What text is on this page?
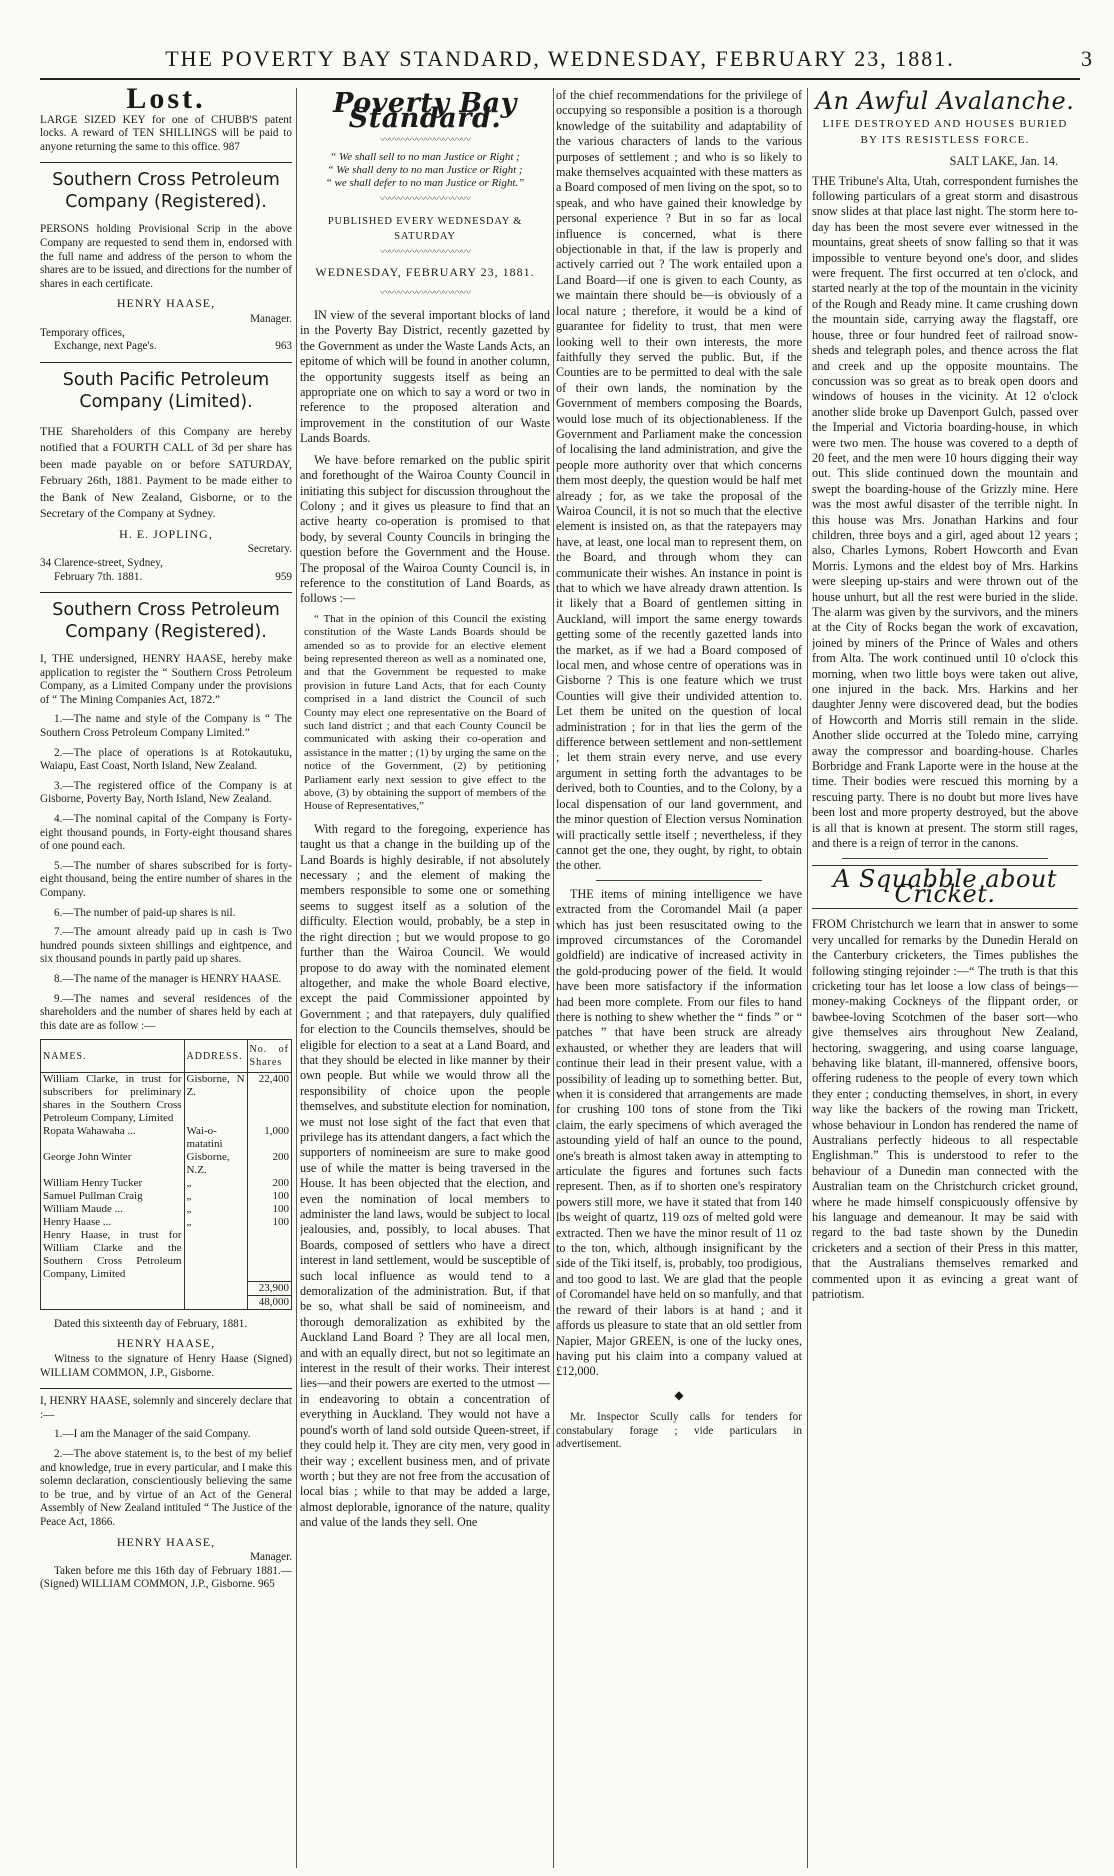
THE POVERTY BAY STANDARD, WEDNESDAY, FEBRUARY 23, 1881.	3
Lost.

LARGE SIZED KEY for one of CHUBB'S patent locks. A reward of TEN SHILLINGS will be paid to anyone returning the same to this office. 987

Southern Cross Petroleum Company (Registered).

PERSONS holding Provisional Scrip in the above Company are requested to send them in, endorsed with the full name and address of the person to whom the shares are to be issued, and directions for the number of shares in each certificate.

HENRY HAASE,
Manager.
Temporary offices,
Exchange, next Page's.	963
South Pacific Petroleum Company (Limited).

THE Shareholders of this Company are hereby notified that a FOURTH CALL of 3d per share has been made payable on or before SATURDAY, February 26th, 1881. Payment to be made either to the Bank of New Zealand, Gisborne, or to the Secretary of the Company at Sydney.

H. E. JOPLING,
Secretary.
34 Clarence-street, Sydney,
February 7th. 1881.	959
Southern Cross Petroleum Company (Registered).

I, THE undersigned, HENRY HAASE, hereby make application to register the “ Southern Cross Petroleum Company, as a Limited Company under the provisions of “ The Mining Companies Act, 1872.”

1.—The name and style of the Company is “ The Southern Cross Petroleum Company Limited.”

2.—The place of operations is at Rotokautuku, Waiapu, East Coast, North Island, New Zealand.

3.—The registered office of the Company is at Gisborne, Poverty Bay, North Island, New Zealand.

4.—The nominal capital of the Company is Forty-eight thousand pounds, in Forty-eight thousand shares of one pound each.

5.—The number of shares subscribed for is forty-eight thousand, being the entire number of shares in the Company.

6.—The number of paid-up shares is nil.

7.—The amount already paid up in cash is Two hundred pounds sixteen shillings and eightpence, and six thousand pounds in partly paid up shares.

8.—The name of the manager is HENRY HAASE.

9.—The names and several residences of the shareholders and the number of shares held by each at this date are as follow :—

NAMES.	ADDRESS.	No. of Shares
William Clarke, in trust for subscribers for preliminary shares in the Southern Cross Petroleum Company, Limited	Gisborne, N Z.	22,400
Ropata Wahawaha ...	Wai-o-matatini	1,000
George John Winter	Gisborne, N.Z.	200
William Henry Tucker	„	200
Samuel Pullman Craig	„	100
William Maude ...	„	100
Henry Haase ...	„	100
Henry Haase, in trust for William Clarke and the Southern Cross Petroleum Company, Limited		
		23,900
		48,000

Dated this sixteenth day of February, 1881.

HENRY HAASE,

Witness to the signature of Henry Haase (Signed) WILLIAM COMMON, J.P., Gisborne.

I, HENRY HAASE, solemnly and sincerely declare that :—

1.—I am the Manager of the said Company.

2.—The above statement is, to the best of my belief and knowledge, true in every particular, and I make this solemn declaration, conscientiously believing the same to be true, and by virtue of an Act of the General Assembly of New Zealand intituled “ The Justice of the Peace Act, 1866.

HENRY HAASE,
Manager.

Taken before me this 16th day of February 1881.—(Signed) WILLIAM COMMON, J.P., Gisborne. 965

Poverty Bay Standard.
〰〰〰〰〰〰〰〰〰〰
“ We shall sell to no man Justice or Right ;
“ We shall deny to no man Justice or Right ;
“ we shall defer to no man Justice or Right.”
〰〰〰〰〰〰〰〰〰〰
PUBLISHED EVERY WEDNESDAY & SATURDAY
〰〰〰〰〰〰〰〰〰〰
WEDNESDAY, FEBRUARY 23, 1881.
〰〰〰〰〰〰〰〰〰〰

IN view of the several important blocks of land in the Poverty Bay District, recently gazetted by the Government as under the Waste Lands Acts, an epitome of which will be found in another column, the opportunity suggests itself as being an appropriate one on which to say a word or two in reference to the proposed alteration and improvement in the constitution of our Waste Lands Boards.

We have before remarked on the public spirit and forethought of the Wairoa County Council in initiating this subject for discussion throughout the Colony ; and it gives us pleasure to find that an active hearty co-operation is promised to that body, by several County Councils in bringing the question before the Government and the House. The proposal of the Wairoa County Council is, in reference to the constitution of Land Boards, as follows :—

“ That in the opinion of this Council the existing constitution of the Waste Lands Boards should be amended so as to provide for an elective element being represented thereon as well as a nominated one, and that the Government be requested to make provision in future Land Acts, that for each County comprised in a land district the Council of such County may elect one representative on the Board of such land district ; and that each County Council be communicated with asking their co-operation and assistance in the matter ; (1) by urging the same on the notice of the Government, (2) by petitioning Parliament early next session to give effect to the above, (3) by obtaining the support of members of the House of Representatives,”

With regard to the foregoing, experience has taught us that a change in the building up of the Land Boards is highly desirable, if not absolutely necessary ; and the element of making the members responsible to some one or something seems to suggest itself as a solution of the difficulty. Election would, probably, be a step in the right direction ; but we would propose to go further than the Wairoa Council. We would propose to do away with the nominated element altogether, and make the whole Board elective, except the paid Commissioner appointed by Government ; and that ratepayers, duly qualified for election to the Councils themselves, should be eligible for election to a seat at a Land Board, and that they should be elected in like manner by their own people. But while we would throw all the responsibility of choice upon the people themselves, and substitute election for nomination, we must not lose sight of the fact that even that privilege has its attendant dangers, a fact which the supporters of nomineeism are sure to make good use of while the matter is being traversed in the House. It has been objected that the election, and even the nomination of local members to administer the land laws, would be subject to local jealousies, and, possibly, to local abuses. That Boards, composed of settlers who have a direct interest in land settlement, would be susceptible of such local influence as would tend to a demoralization of the administration. But, if that be so, what shall be said of nomineeism, and thorough demoralization as exhibited by the Auckland Land Board ? They are all local men, and with an equally direct, but not so legitimate an interest in the result of their works. Their interest lies—and their powers are exerted to the utmost — in endeavoring to obtain a concentration of everything in Auckland. They would not have a pound's worth of land sold outside Queen-street, if they could help it. They are city men, very good in their way ; excellent business men, and of private worth ; but they are not free from the accusation of local bias ; while to that may be added a large, almost deplorable, ignorance of the nature, quality and value of the lands they sell. One

of the chief recommendations for the privilege of occupying so responsible a position is a thorough knowledge of the suitability and adaptability of the various characters of lands to the various purposes of settlement ; and who is so likely to make themselves acquainted with these matters as a Board composed of men living on the spot, so to speak, and who have gained their knowledge by personal experience ? But in so far as local influence is concerned, what is there objectionable in that, if the law is properly and actively carried out ? The work entailed upon a Land Board—if one is given to each County, as we maintain there should be—is obviously of a local nature ; therefore, it would be a kind of guarantee for fidelity to trust, that men were looking well to their own interests, the more faithfully they served the public. But, if the Counties are to be permitted to deal with the sale of their own lands, the nomination by the Government of members composing the Boards, would lose much of its objectionableness. If the Government and Parliament make the concession of localising the land administration, and give the people more authority over that which concerns them most deeply, the question would be half met already ; for, as we take the proposal of the Wairoa Council, it is not so much that the elective element is insisted on, as that the ratepayers may have, at least, one local man to represent them, on the Board, and through whom they can communicate their wishes. An instance in point is that to which we have already drawn attention. Is it likely that a Board of gentlemen sitting in Auckland, will import the same energy towards getting some of the recently gazetted lands into the market, as if we had a Board composed of local men, and whose centre of operations was in Gisborne ? This is one feature which we trust Counties will give their undivided attention to. Let them be united on the question of local administration ; for in that lies the germ of the difference between settlement and non-settlement ; let them strain every nerve, and use every argument in setting forth the advantages to be derived, both to Counties, and to the Colony, by a local dispensation of our land government, and the minor question of Election versus Nomination will practically settle itself ; nevertheless, if they cannot get the one, they ought, by right, to obtain the other.

THE items of mining intelligence we have extracted from the Coromandel Mail (a paper which has just been resuscitated owing to the improved circumstances of the Coromandel goldfield) are indicative of increased activity in the gold-producing power of the field. It would have been more satisfactory if the information had been more complete. From our files to hand there is nothing to shew whether the “ finds ” or “ patches ” that have been struck are already exhausted, or whether they are leaders that will continue their lead in their present value, with a possibility of leading up to something better. But, when it is considered that arrangements are made for crushing 100 tons of stone from the Tiki claim, the early specimens of which averaged the astounding yield of half an ounce to the pound, one's breath is almost taken away in attempting to articulate the figures and fortunes such facts represent. Then, as if to shorten one's respiratory powers still more, we have it stated that from 140 lbs weight of quartz, 119 ozs of melted gold were extracted. Then we have the minor result of 11 oz to the ton, which, although insignificant by the side of the Tiki itself, is, probably, too prodigious, and too good to last. We are glad that the people of Coromandel have held on so manfully, and that the reward of their labors is at hand ; and it affords us pleasure to state that an old settler from Napier, Major GREEN, is one of the lucky ones, having put his claim into a company valued at £12,000.

◆

Mr. Inspector Scully calls for tenders for constabulary forage ; vide particulars in advertisement.

An Awful Avalanche.
LIFE DESTROYED AND HOUSES BURIED BY ITS RESISTLESS FORCE.
SALT LAKE, Jan. 14.

THE Tribune's Alta, Utah, correspondent furnishes the following particulars of a great storm and disastrous snow slides at that place last night. The storm here to-day has been the most severe ever witnessed in the mountains, great sheets of snow falling so that it was impossible to venture beyond one's door, and slides were frequent. The first occurred at ten o'clock, and started nearly at the top of the mountain in the vicinity of the Rough and Ready mine. It came crushing down the mountain side, carrying away the flagstaff, ore house, three or four hundred feet of railroad snow-sheds and telegraph poles, and thence across the flat and creek and up the opposite mountains. The concussion was so great as to break open doors and windows of houses in the vicinity. At 12 o'clock another slide broke up Davenport Gulch, passed over the Imperial and Victoria boarding-house, in which were two men. The house was covered to a depth of 20 feet, and the men were 10 hours digging their way out. This slide continued down the mountain and swept the boarding-house of the Grizzly mine. Here was the most awful disaster of the terrible night. In this house was Mrs. Jonathan Harkins and four children, three boys and a girl, aged about 12 years ; also, Charles Lymons, Robert Howcorth and Evan Morris. Lymons and the eldest boy of Mrs. Harkins were sleeping up-stairs and were thrown out of the house unhurt, but all the rest were buried in the slide. The alarm was given by the survivors, and the miners at the City of Rocks began the work of excavation, joined by miners of the Prince of Wales and others from Alta. The work continued until 10 o'clock this morning, when two little boys were taken out alive, one injured in the back. Mrs. Harkins and her daughter Jenny were discovered dead, but the bodies of Howcorth and Morris still remain in the slide. Another slide occurred at the Toledo mine, carrying away the compressor and boarding-house. Charles Borbridge and Frank Laporte were in the house at the time. Their bodies were rescued this morning by a rescuing party. There is no doubt but more lives have been lost and more property destroyed, but the above is all that is known at present. The storm still rages, and there is a reign of terror in the canons.

A Squabble about Cricket.

FROM Christchurch we learn that in answer to some very uncalled for remarks by the Dunedin Herald on the Canterbury cricketers, the Times publishes the following stinging rejoinder :—“ The truth is that this cricketing tour has let loose a low class of beings—money-making Cockneys of the flippant order, or bawbee-loving Scotchmen of the baser sort—who give themselves airs throughout New Zealand, hectoring, swaggering, and using coarse language, behaving like blatant, ill-mannered, offensive boors, offering rudeness to the people of every town which they enter ; conducting themselves, in short, in every way like the backers of the rowing man Trickett, whose behaviour in London has rendered the name of Australians perfectly hideous to all respectable Englishman.” This is understood to refer to the behaviour of a Dunedin man connected with the Australian team on the Christchurch cricket ground, where he made himself conspicuously offensive by his language and demeanour. It may be said with regard to the bad taste shown by the Dunedin cricketers and a section of their Press in this matter, that the Australians themselves remarked and commented upon it as evincing a great want of patriotism.
